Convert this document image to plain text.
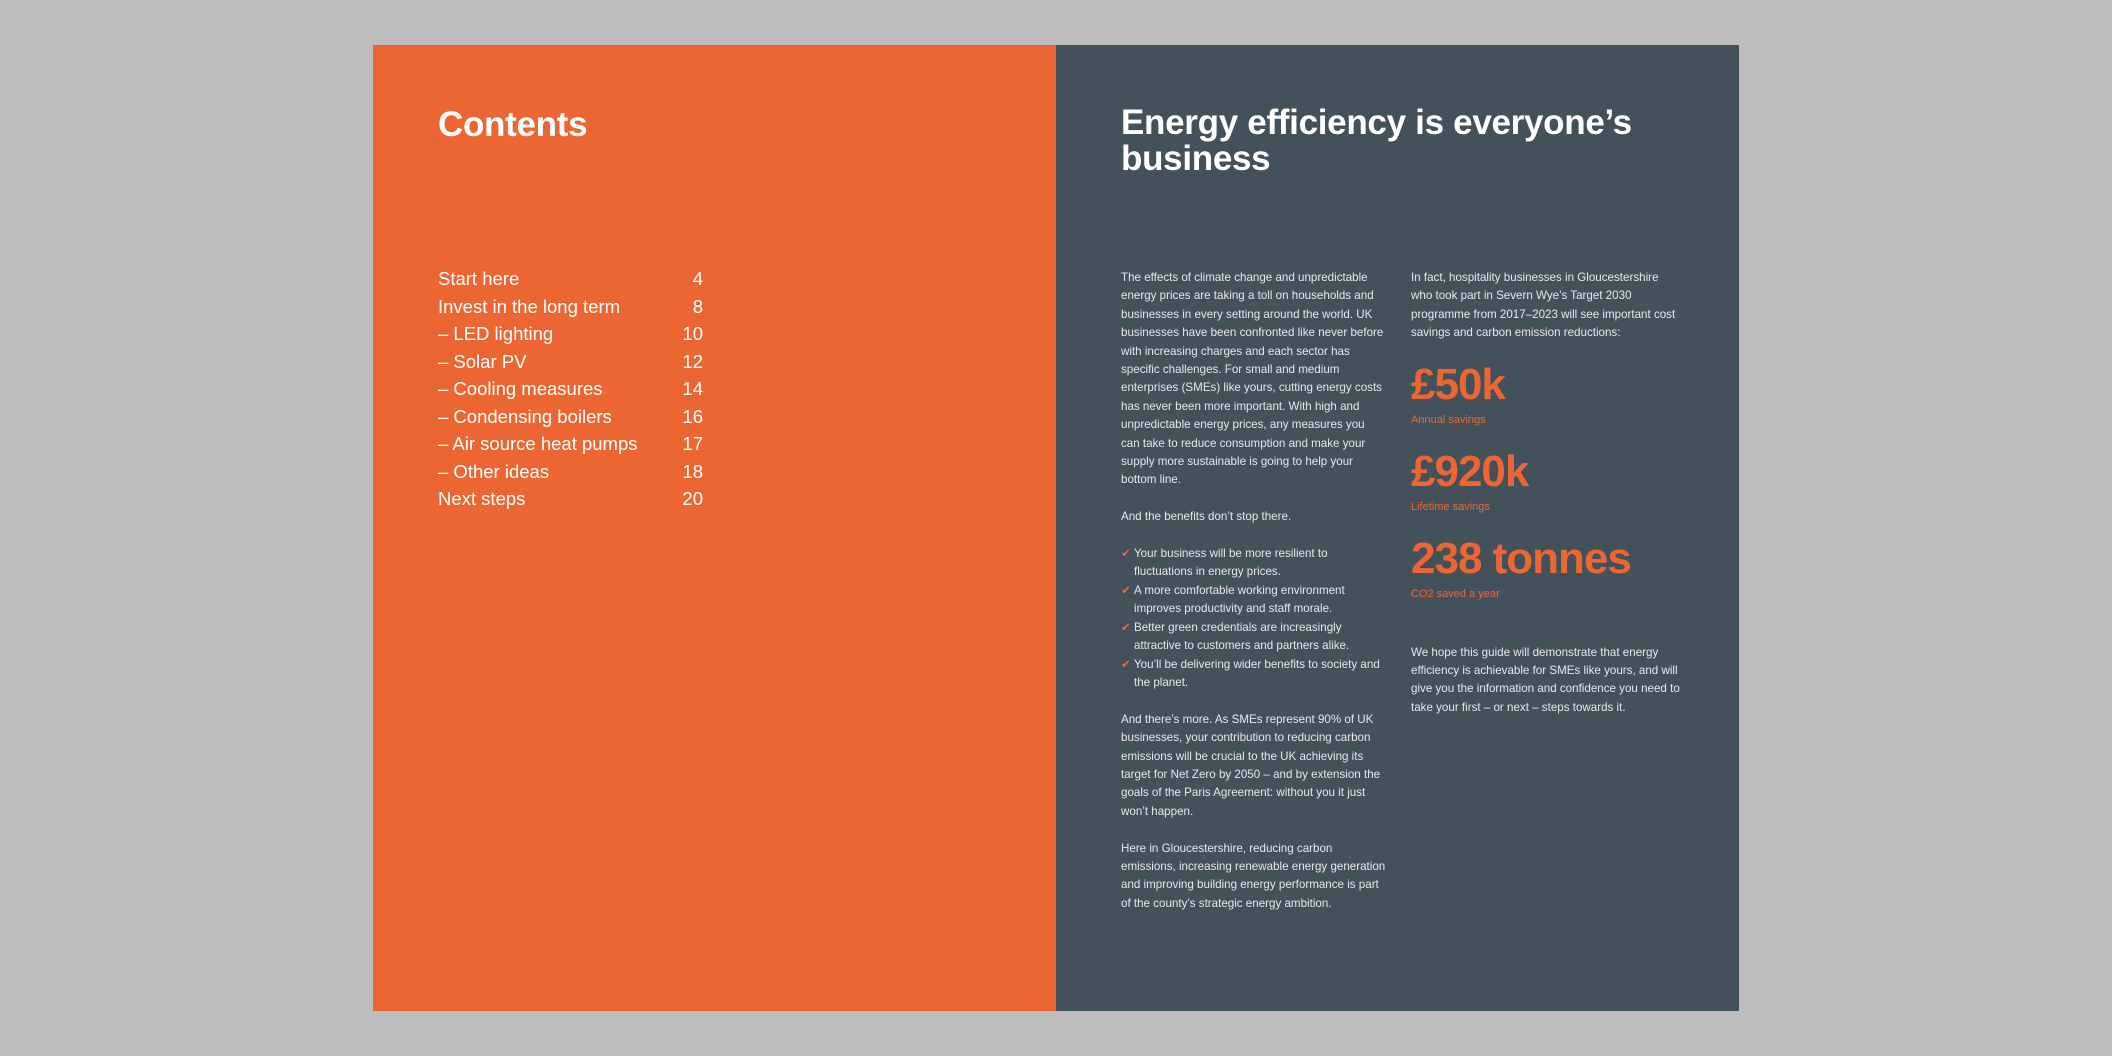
Contents
Start here	4
Invest in the long term	8
– LED lighting	10
– Solar PV	12
– Cooling measures	14
– Condensing boilers	16
– Air source heat pumps 17
– Other ideas	18
Next steps	20
Energy efficiency is everyone’s business

The effects of climate change and unpredictable energy prices are taking a toll on households and businesses in every setting around the world. UK businesses have been confronted like never before with increasing charges and each sector has specific challenges. For small and medium enterprises (SMEs) like yours, cutting energy costs has never been more important. With high and unpredictable energy prices, any measures you can take to reduce consumption and make your supply more sustainable is going to help your bottom line.

And the benefits don’t stop there.

✔ Your business will be more resilient to fluctuations in energy prices.
✔ A more comfortable working environment improves productivity and staff morale.
✔ Better green credentials are increasingly attractive to customers and partners alike.
✔ You’ll be delivering wider benefits to society and the planet.

And there’s more. As SMEs represent 90% of UK businesses, your contribution to reducing carbon emissions will be crucial to the UK achieving its target for Net Zero by 2050 – and by extension the goals of the Paris Agreement: without you it just won’t happen.

Here in Gloucestershire, reducing carbon emissions, increasing renewable energy generation and improving building energy performance is part of the county’s strategic energy ambition.

In fact, hospitality businesses in Gloucestershire who took part in Severn Wye’s Target 2030 programme from 2017–2023 will see important cost savings and carbon emission reductions:

£50k
Annual savings
£920k
Lifetime savings
238 tonnes
CO2 saved a year

We hope this guide will demonstrate that energy efficiency is achievable for SMEs like yours, and will give you the information and confidence you need to take your first – or next – steps towards it.
